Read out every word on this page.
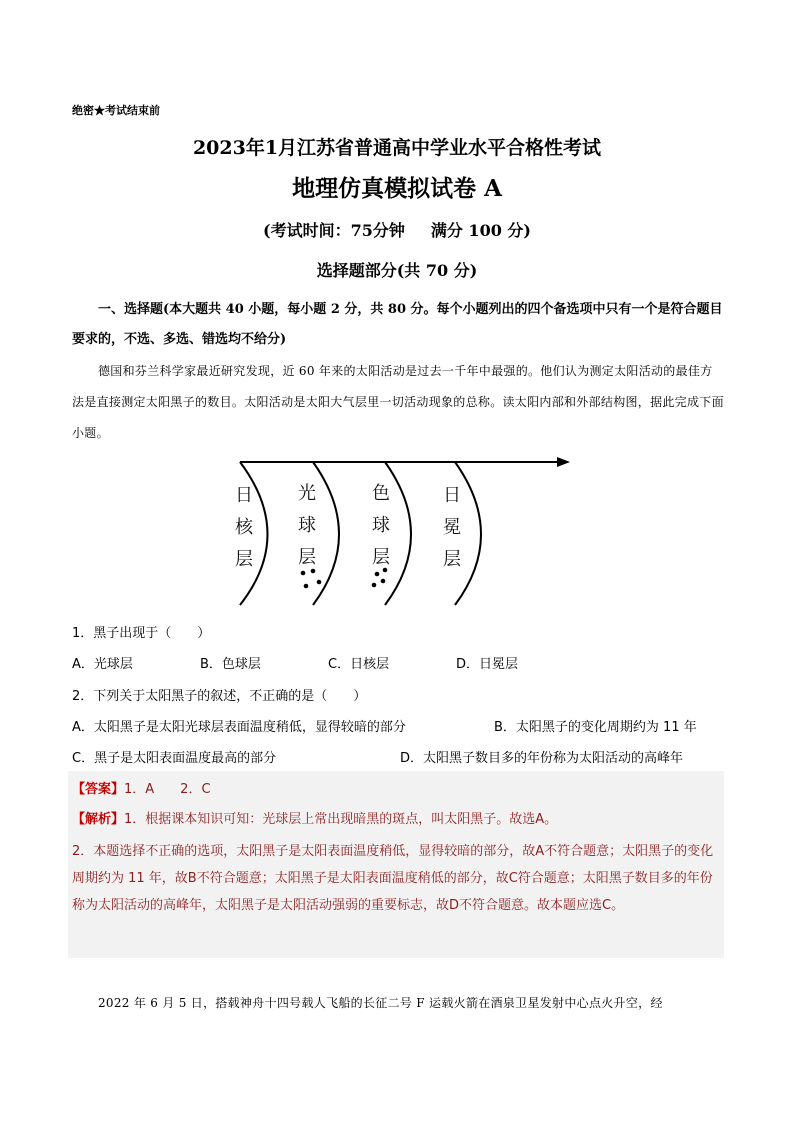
绝密★考试结束前
2023年1月江苏省普通高中学业水平合格性考试
地理仿真模拟试卷 A
(考试时间：75分钟 满分 100 分)
选择题部分(共 70 分)
一、选择题(本大题共 40 小题，每小题 2 分，共 80 分。每个小题列出的四个备选项中只有一个是符合题目要求的，不选、多选、错选均不给分)
德国和芬兰科学家最近研究发现，近 60 年来的太阳活动是过去一千年中最强的。他们认为测定太阳活动的最佳方法是直接测定太阳黑子的数目。太阳活动是太阳大气层里一切活动现象的总称。读太阳内部和外部结构图，据此完成下面小题。
日
核
层
光
球
层
色
球
层
日
冕
层
1．黑子出现于（　　）
A．光球层	B．色球层	C．日核层	D．日冕层
2．下列关于太阳黑子的叙述，不正确的是（　　）
A．太阳黑子是太阳光球层表面温度稍低，显得较暗的部分	B．太阳黑子的变化周期约为 11 年
C．黑子是太阳表面温度最高的部分	D．太阳黑子数目多的年份称为太阳活动的高峰年
【答案】1．A　　2．C
【解析】1．根据课本知识可知：光球层上常出现暗黑的斑点，叫太阳黑子。故选A。
2．本题选择不正确的选项，太阳黑子是太阳表面温度稍低，显得较暗的部分，故A不符合题意；太阳黑子的变化周期约为 11 年，故B不符合题意；太阳黑子是太阳表面温度稍低的部分，故C符合题意；太阳黑子数目多的年份称为太阳活动的高峰年，太阳黑子是太阳活动强弱的重要标志，故D不符合题意。故本题应选C。
2022 年 6 月 5 日，搭载神舟十四号载人飞船的长征二号 F 运载火箭在酒泉卫星发射中心点火升空，经
